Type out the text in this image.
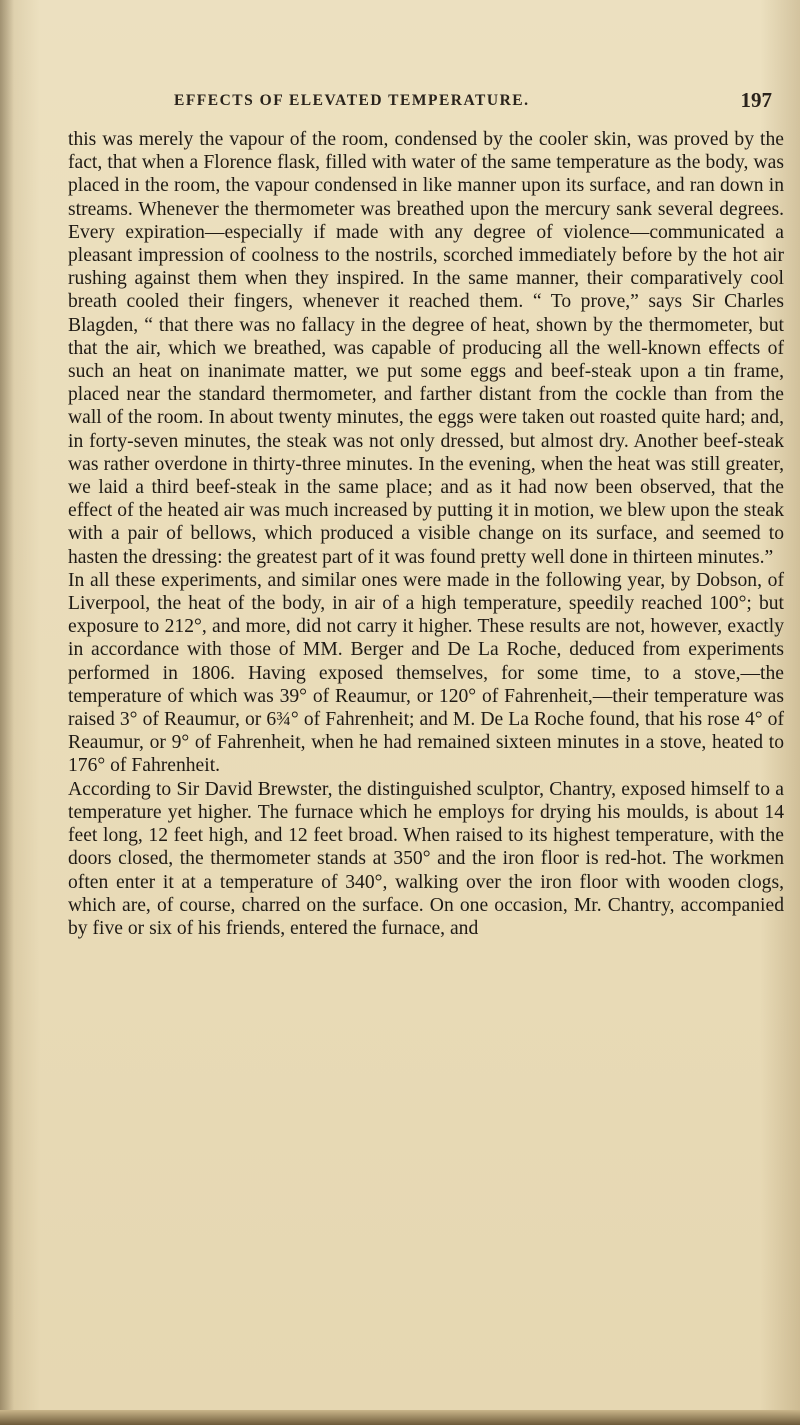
EFFECTS OF ELEVATED TEMPERATURE.	197

this was merely the vapour of the room, condensed by the cooler skin, was proved by the fact, that when a Florence flask, filled with water of the same temperature as the body, was placed in the room, the vapour condensed in like manner upon its surface, and ran down in streams. Whenever the thermometer was breathed upon the mercury sank several degrees. Every expiration—especially if made with any degree of violence—communicated a pleasant impression of coolness to the nostrils, scorched immediately before by the hot air rushing against them when they inspired. In the same manner, their comparatively cool breath cooled their fingers, whenever it reached them. “ To prove,” says Sir Charles Blagden, “ that there was no fallacy in the degree of heat, shown by the thermometer, but that the air, which we breathed, was capable of producing all the well-known effects of such an heat on inanimate matter, we put some eggs and beef-steak upon a tin frame, placed near the standard thermometer, and farther distant from the cockle than from the wall of the room. In about twenty minutes, the eggs were taken out roasted quite hard; and, in forty-seven minutes, the steak was not only dressed, but almost dry. Another beef-steak was rather overdone in thirty-three minutes. In the evening, when the heat was still greater, we laid a third beef-steak in the same place; and as it had now been observed, that the effect of the heated air was much increased by putting it in motion, we blew upon the steak with a pair of bellows, which produced a visible change on its surface, and seemed to hasten the dressing: the greatest part of it was found pretty well done in thirteen minutes.”

In all these experiments, and similar ones were made in the following year, by Dobson, of Liverpool, the heat of the body, in air of a high temperature, speedily reached 100°; but exposure to 212°, and more, did not carry it higher. These results are not, however, exactly in accordance with those of MM. Berger and De La Roche, deduced from experiments performed in 1806. Having exposed themselves, for some time, to a stove,—the temperature of which was 39° of Reaumur, or 120° of Fahrenheit,—their temperature was raised 3° of Reaumur, or 6¾° of Fahrenheit; and M. De La Roche found, that his rose 4° of Reaumur, or 9° of Fahrenheit, when he had remained sixteen minutes in a stove, heated to 176° of Fahrenheit.

According to Sir David Brewster, the distinguished sculptor, Chantry, exposed himself to a temperature yet higher. The furnace which he employs for drying his moulds, is about 14 feet long, 12 feet high, and 12 feet broad. When raised to its highest temperature, with the doors closed, the thermometer stands at 350° and the iron floor is red-hot. The workmen often enter it at a temperature of 340°, walking over the iron floor with wooden clogs, which are, of course, charred on the surface. On one occasion, Mr. Chantry, accompanied by five or six of his friends, entered the furnace, and
